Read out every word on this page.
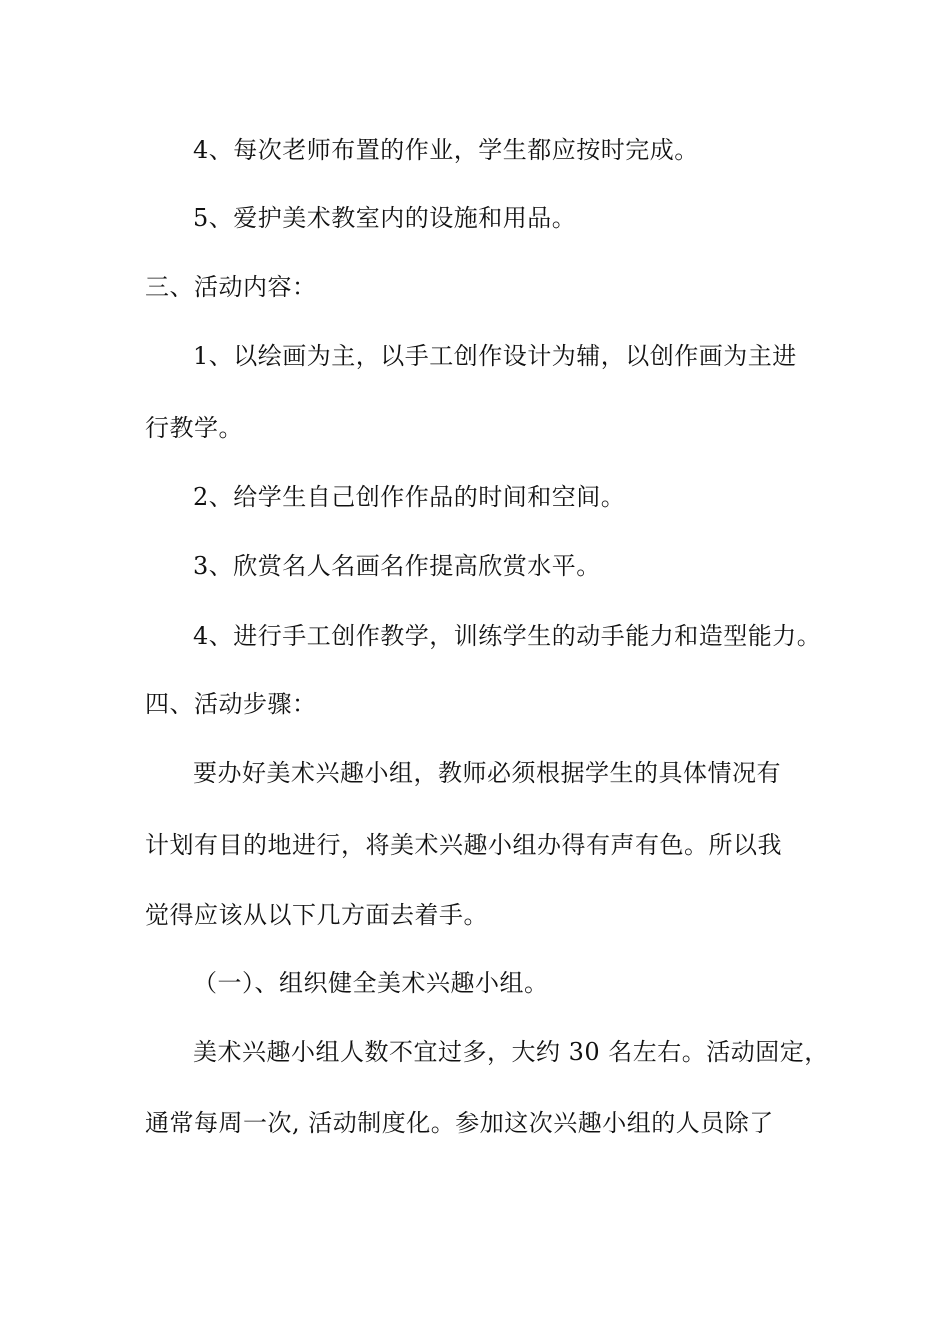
4、每次老师布置的作业，学生都应按时完成。
5、爱护美术教室内的设施和用品。
三、活动内容：
1、以绘画为主，以手工创作设计为辅，以创作画为主进
行教学。
2、给学生自己创作作品的时间和空间。
3、欣赏名人名画名作提高欣赏水平。
4、进行手工创作教学，训练学生的动手能力和造型能力。
四、活动步骤：
要办好美术兴趣小组，教师必须根据学生的具体情况有
计划有目的地进行，将美术兴趣小组办得有声有色。所以我
觉得应该从以下几方面去着手。
（一）、组织健全美术兴趣小组。
美术兴趣小组人数不宜过多，大约 30 名左右。活动固定，
通常每周一次, 活动制度化。参加这次兴趣小组的人员除了
